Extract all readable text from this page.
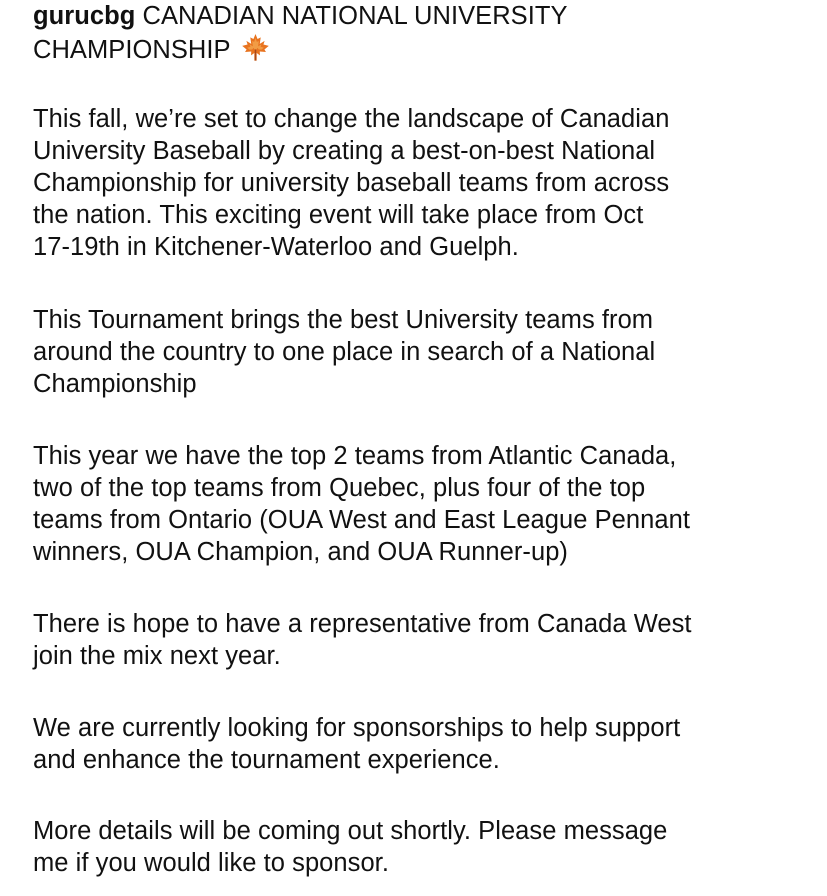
gurucbg CANADIAN NATIONAL UNIVERSITY
CHAMPIONSHIP

This fall, we’re set to change the landscape of Canadian
University Baseball by creating a best-on-best National
Championship for university baseball teams from across
the nation. This exciting event will take place from Oct
17-19th in Kitchener-Waterloo and Guelph.

This Tournament brings the best University teams from
around the country to one place in search of a National
Championship

This year we have the top 2 teams from Atlantic Canada,
two of the top teams from Quebec, plus four of the top
teams from Ontario (OUA West and East League Pennant
winners, OUA Champion, and OUA Runner-up)

There is hope to have a representative from Canada West
join the mix next year.

We are currently looking for sponsorships to help support
and enhance the tournament experience.

More details will be coming out shortly. Please message
me if you would like to sponsor.
